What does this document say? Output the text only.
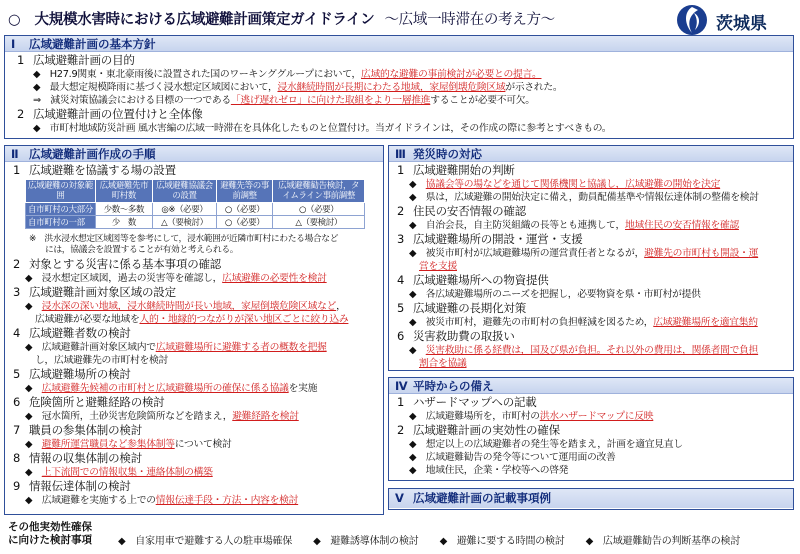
○　大規模水害時における広域避難計画策定ガイドライン ～広域一時滞在の考え方～	茨城県
Ⅰ 広域避難計画の基本方針
1 広域避難計画の目的
◆　H27.9関東・東北豪雨後に設置された国のワーキンググループにおいて，広域的な避難の事前検討が必要との提言。
◆　最大想定規模降雨に基づく浸水想定区域図において，浸水継続時間が長期にわたる地域，家屋倒壊危険区域が示された。
⇒　減災対策協議会における目標の一つである「逃げ遅れゼロ」に向けた取組をより一層推進することが必要不可欠。
2 広域避難計画の位置付けと全体像
◆　市町村地域防災計画 風水害編の広域一時滞在を具体化したものと位置付け。当ガイドラインは，その作成の際に参考とすべきもの。
Ⅱ 広域避難計画作成の手順
1 広域避難を協議する場の設置
広域避難の対象範囲	広域避難先市町村数	広域避難協議会の設置	避難先等の事前調整	広域避難勧告検討，タイムライン事前調整
自市町村の大部分	少数～多数	◎※（必要）	○（必要）	○（必要）
自市町村の一部	少　数	△（要検討）	○（必要）	△（要検討）
※　洪水浸水想定区域図等を参考にして，浸水範囲が近隣市町村にわたる場合など
には，協議会を設置することが有効と考えられる。
2 対象とする災害に係る基本事項の確認
◆　浸水想定区域図，過去の災害等を確認し，広域避難の必要性を検討
3 広域避難計画対象区域の設定
◆　浸水深の深い地域，浸水継続時間が長い地域，家屋倒壊危険区域など，
広域避難が必要な地域を人的・地縁的つながりが深い地区ごとに絞り込み
4 広域避難者数の検討
◆　広域避難計画対象区域内で広域避難場所に避難する者の概数を把握
し，広域避難先の市町村を検討
5 広域避難場所の検討
◆　広域避難先候補の市町村と広域避難場所の確保に係る協議を実施
6 危険箇所と避難経路の検討
◆　冠水箇所，土砂災害危険箇所などを踏まえ，避難経路を検討
7 職員の参集体制の検討
◆　避難所運営職員など参集体制等について検討
8 情報の収集体制の検討
◆　上下流間での情報収集・連絡体制の構築
9 情報伝達体制の検討
◆　広域避難を実施する上での情報伝達手段・方法・内容を検討
Ⅲ 発災時の対応
1 広域避難開始の判断
◆　協議会等の場などを通じて関係機関と協議し，広域避難の開始を決定
◆　県は，広域避難の開始決定に備え，動員配備基準や情報伝達体制の整備を検討
2 住民の安否情報の確認
◆　自治会長，自主防災組織の長等とも連携して，地域住民の安否情報を確認
3 広域避難場所の開設・運営・支援
◆　被災市町村が広域避難場所の運営責任者となるが，避難先の市町村も開設・運
営を支援
4 広域避難場所への物資提供
◆　各広域避難場所のニーズを把握し，必要物資を県・市町村が提供
5 広域避難の長期化対策
◆　被災市町村，避難先の市町村の負担軽減を図るため，広域避難場所を適宜集約
6 災害救助費の取扱い
◆　災害救助に係る経費は，国及び県が負担。それ以外の費用は，関係者間で負担
割合を協議
Ⅳ 平時からの備え
1 ハザードマップへの記載
◆　広域避難場所を，市町村の洪水ハザードマップに反映
2 広域避難計画の実効性の確保
◆　想定以上の広域避難者の発生等を踏まえ，計画を適宜見直し
◆　広域避難勧告の発令等について運用面の改善
◆　地域住民，企業・学校等への啓発
Ⅴ 広域避難計画の記載事項例
その他実効性確保
に向けた検討事項	◆　自家用車で避難する人の駐車場確保 ◆　避難誘導体制の検討 ◆　避難に要する時間の検討 ◆　広域避難勧告の判断基準の検討
